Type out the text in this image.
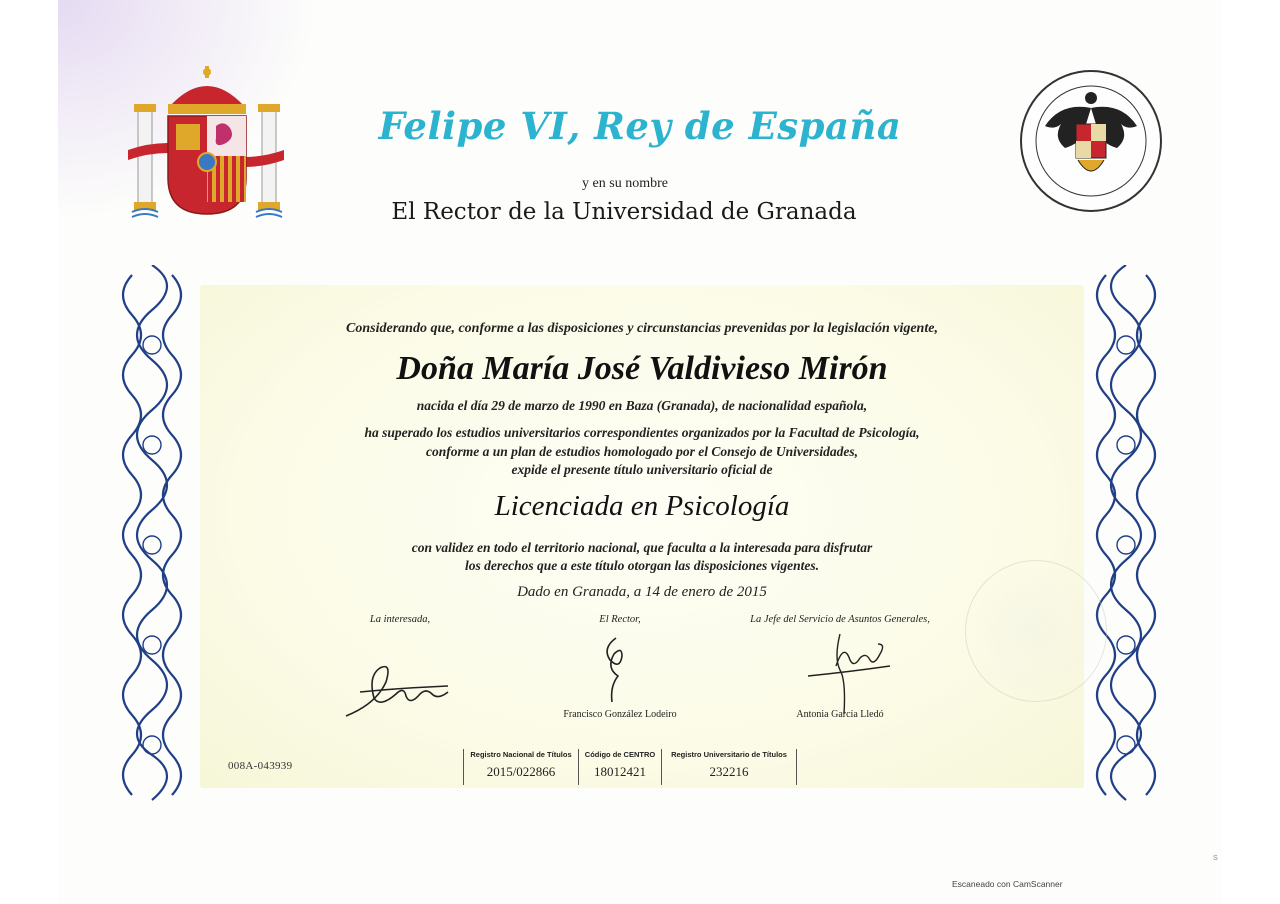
Felipe VI, Rey de España
y en su nombre
El Rector de la Universidad de Granada
Considerando que, conforme a las disposiciones y circunstancias prevenidas por la legislación vigente,
Doña María José Valdivieso Mirón
nacida el día 29 de marzo de 1990 en Baza (Granada), de nacionalidad española,
ha superado los estudios universitarios correspondientes organizados por la Facultad de Psicología,
conforme a un plan de estudios homologado por el Consejo de Universidades,
expide el presente título universitario oficial de
Licenciada en Psicología
con validez en todo el territorio nacional, que faculta a la interesada para disfrutar
los derechos que a este título otorgan las disposiciones vigentes.
Dado en Granada, a 14 de enero de 2015
La interesada,	El Rector,	La Jefe del Servicio de Asuntos Generales,
Francisco González Lodeiro	Antonia García Lledó
008A-043939
Registro Nacional de Títulos
2015/022866
Código de CENTRO
18012421
Registro Universitario de Títulos
232216
S
Escaneado con CamScanner
